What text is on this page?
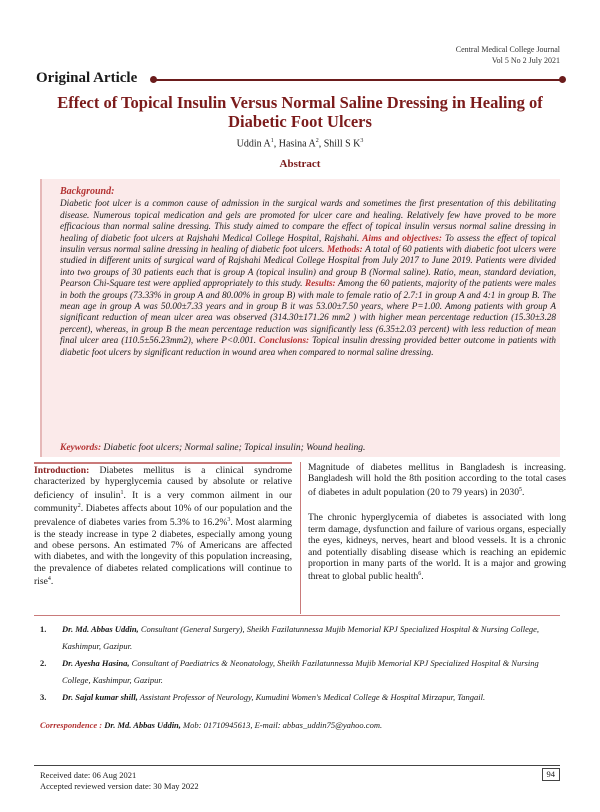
Central Medical College Journal
Vol 5 No 2 July 2021
Original Article
Effect of Topical Insulin Versus Normal Saline Dressing in Healing of Diabetic Foot Ulcers
Uddin $A^1$, Hasina $A^2$, Shill S $K^3$
Abstract
Background:
Diabetic foot ulcer is a common cause of admission in the surgical wards and sometimes the first presentation of this debilitating disease. Numerous topical medication and gels are promoted for ulcer care and healing. Relatively few have proved to be more efficacious than normal saline dressing. This study aimed to compare the effect of topical insulin versus normal saline dressing in healing of diabetic foot ulcers at Rajshahi Medical College Hospital, Rajshahi. Aims and objectives: To assess the effect of topical insulin versus normal saline dressing in healing of diabetic foot ulcers. Methods: A total of 60 patients with diabetic foot ulcers were studied in different units of surgical ward of Rajshahi Medical College Hospital from July 2017 to June 2019. Patients were divided into two groups of 30 patients each that is group A (topical insulin) and group B (Normal saline). Ratio, mean, standard deviation, Pearson Chi-Square test were applied appropriately to this study. Results: Among the 60 patients, majority of the patients were males in both the groups (73.33% in group A and 80.00% in group B) with male to female ratio of 2.7:1 in group A and 4:1 in group B. The mean age in group A was 50.00±7.33 years and in group B it was 53.00±7.50 years, where P=1.00. Among patients with group A significant reduction of mean ulcer area was observed (314.30±171.26 mm2 ) with higher mean percentage reduction (15.30±3.28 percent), whereas, in group B the mean percentage reduction was significantly less (6.35±2.03 percent) with less reduction of mean final ulcer area (110.5±56.23mm2), where P<0.001. Conclusions: Topical insulin dressing provided better outcome in patients with diabetic foot ulcers by significant reduction in wound area when compared to normal saline dressing.
Keywords: Diabetic foot ulcers; Normal saline; Topical insulin; Wound healing.

Introduction: Diabetes mellitus is a clinical syndrome characterized by hyperglycemia caused by absolute or relative deficiency of insulin$^1$. It is a very common ailment in our community$^2$. Diabetes affects about 10% of our population and the prevalence of diabetes varies from 5.3% to 16.2%$^3$. Most alarming is the steady increase in type 2 diabetes, especially among young and obese persons. An estimated 7% of Americans are affected with diabetes, and with the longevity of this population increasing, the prevalence of diabetes related complications will continue to rise$^4$.

Magnitude of diabetes mellitus in Bangladesh is increasing. Bangladesh will hold the 8th position according to the total cases of diabetes in adult population (20 to 79 years) in 2030$^5$.

The chronic hyperglycemia of diabetes is associated with long term damage, dysfunction and failure of various organs, especially the eyes, kidneys, nerves, heart and blood vessels. It is a chronic and potentially disabling disease which is reaching an epidemic proportion in many parts of the world. It is a major and growing threat to global public health$^6$.

1. Dr. Md. Abbas Uddin, Consultant (General Surgery), Sheikh Fazilatunnessa Mujib Memorial KPJ Specialized Hospital & Nursing College, Kashimpur, Gazipur.
2. Dr. Ayesha Hasina, Consultant of Paediatrics & Neonatology, Sheikh Fazilatunnessa Mujib Memorial KPJ Specialized Hospital & Nursing College, Kashimpur, Gazipur.
3. Dr. Sajal kumar shill, Assistant Professor of Neurology, Kumudini Women's Medical College & Hospital Mirzapur, Tangail.
Correspondence : Dr. Md. Abbas Uddin, Mob: 01710945613, E-mail: abbas_uddin75@yahoo.com.
Received date: 06 Aug 2021
Accepted reviewed version date: 30 May 2022
94
